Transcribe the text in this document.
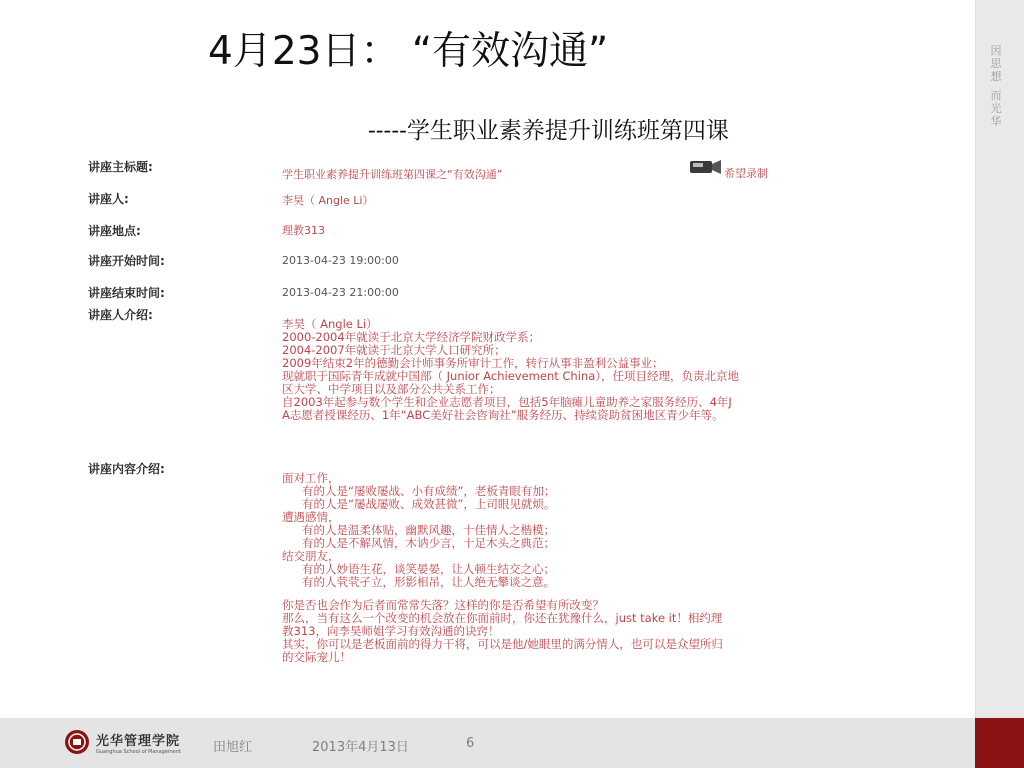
因
思
想
而
光
华
4月23日： “有效沟通”
-----学生职业素养提升训练班第四课
讲座主标题:
学生职业素养提升训练班第四课之“有效沟通”	希望录制
讲座人:	李昊（ Angle Li）
讲座地点:	理教313
讲座开始时间:	2013-04-23 19:00:00
讲座结束时间:	2013-04-23 21:00:00
讲座人介绍:
李昊（ Angle Li）
2000-2004年就读于北京大学经济学院财政学系；
2004-2007年就读于北京大学人口研究所；
2009年结束2年的德勤会计师事务所审计工作，转行从事非盈利公益事业；
现就职于国际青年成就中国部（ Junior Achievement China），任项目经理，负责北京地
区大学、中学项目以及部分公共关系工作；
自2003年起参与数个学生和企业志愿者项目，包括5年脑瘫儿童助养之家服务经历、4年J
A志愿者授课经历、1年“ABC美好社会咨询社”服务经历、持续资助贫困地区青少年等。
讲座内容介绍:
面对工作，
有的人是“屡败屡战、小有成绩”，老板青眼有加；
有的人是“屡战屡败、成效甚微”，上司眼见就烦。
遭遇感情，
有的人是温柔体贴，幽默风趣，十佳情人之楷模；
有的人是不解风情，木讷少言，十足木头之典范；
结交朋友，
有的人妙语生花，谈笑晏晏，让人顿生结交之心；
有的人茕茕孑立，形影相吊，让人绝无攀谈之意。
你是否也会作为后者而常常失落？这样的你是否希望有所改变？
那么，当有这么一个改变的机会放在你面前时，你还在犹豫什么，just take it！相约理
教313，向李昊师姐学习有效沟通的诀窍！
其实，你可以是老板面前的得力干将，可以是他/她眼里的满分情人，也可以是众望所归
的交际宠儿！
光华管理学院
Guanghua School of Management 田旭红	2013年4月13日	6
